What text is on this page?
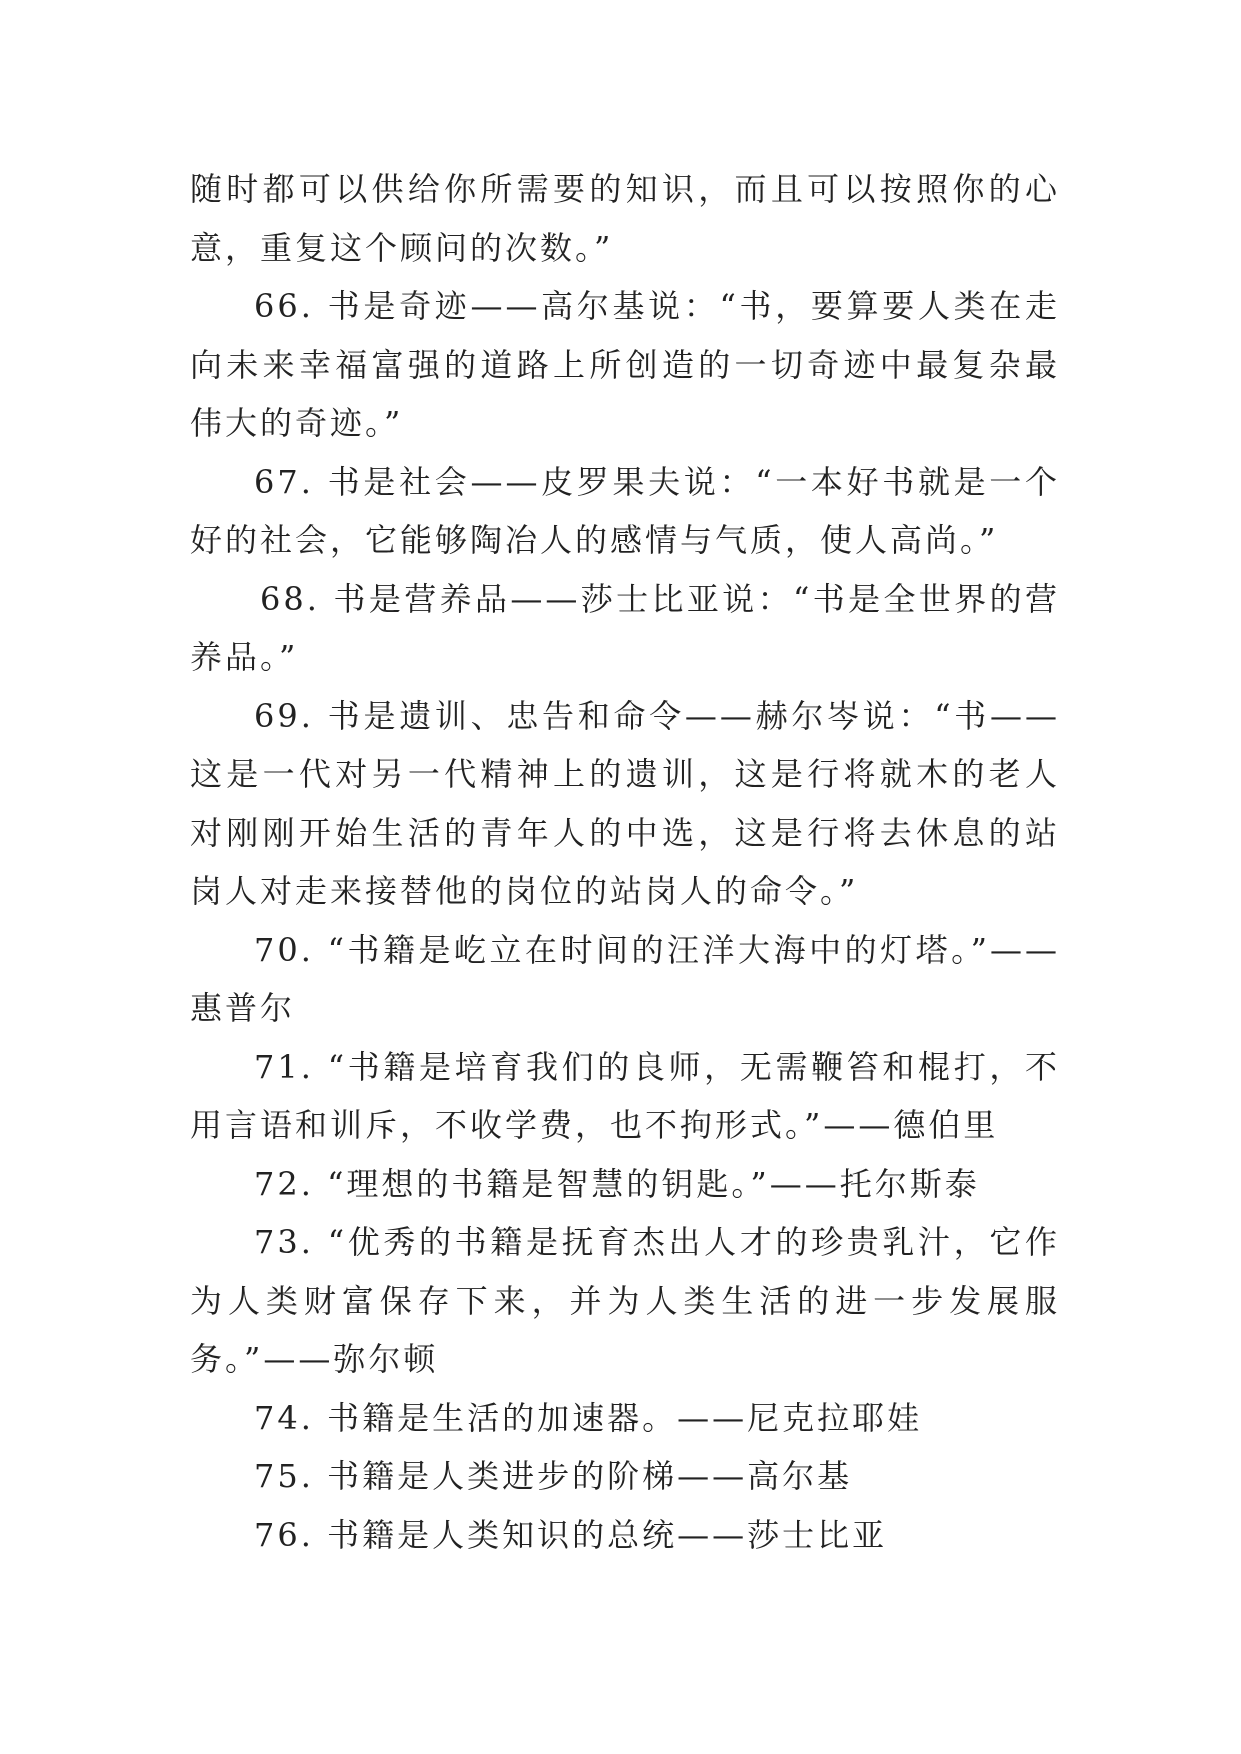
随时都可以供给你所需要的知识，而且可以按照你的心意，重复这个顾问的次数。”

66. 书是奇迹——高尔基说：“书，要算要人类在走向未来幸福富强的道路上所创造的一切奇迹中最复杂最伟大的奇迹。”

67. 书是社会——皮罗果夫说：“一本好书就是一个好的社会，它能够陶冶人的感情与气质，使人高尚。”

68. 书是营养品——莎士比亚说：“书是全世界的营养品。”

69. 书是遗训、忠告和命令——赫尔岑说：“书——这是一代对另一代精神上的遗训，这是行将就木的老人对刚刚开始生活的青年人的中选，这是行将去休息的站岗人对走来接替他的岗位的站岗人的命令。”

70. “书籍是屹立在时间的汪洋大海中的灯塔。”——惠普尔

71. “书籍是培育我们的良师，无需鞭笞和棍打，不用言语和训斥，不收学费，也不拘形式。”——德伯里

72. “理想的书籍是智慧的钥匙。”——托尔斯泰

73. “优秀的书籍是抚育杰出人才的珍贵乳汁，它作为人类财富保存下来，并为人类生活的进一步发展服务。”——弥尔顿

74. 书籍是生活的加速器。——尼克拉耶娃

75. 书籍是人类进步的阶梯——高尔基

76. 书籍是人类知识的总统——莎士比亚
